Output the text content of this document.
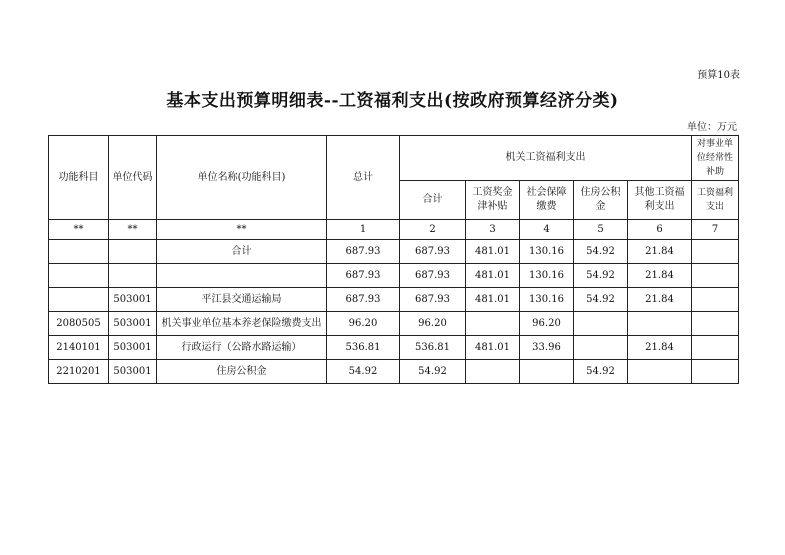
预算10表
基本支出预算明细表--工资福利支出(按政府预算经济分类)
单位：万元
功能科目	单位代码	单位名称(功能科目)	总计	机关工资福利支出					对事业单位经常性补助
				合计	工资奖金津补贴	社会保障缴费	住房公积金	其他工资福利支出	工资福利支出
**	**	**	1	2	3	4	5	6	7
		合计	687.93	687.93	481.01	130.16	54.92	21.84	
			687.93	687.93	481.01	130.16	54.92	21.84	
	503001	平江县交通运输局	687.93	687.93	481.01	130.16	54.92	21.84	
2080505	503001	机关事业单位基本养老保险缴费支出	96.20	96.20		96.20			
2140101	503001	行政运行（公路水路运输）	536.81	536.81	481.01	33.96		21.84	
2210201	503001	住房公积金	54.92	54.92			54.92		
